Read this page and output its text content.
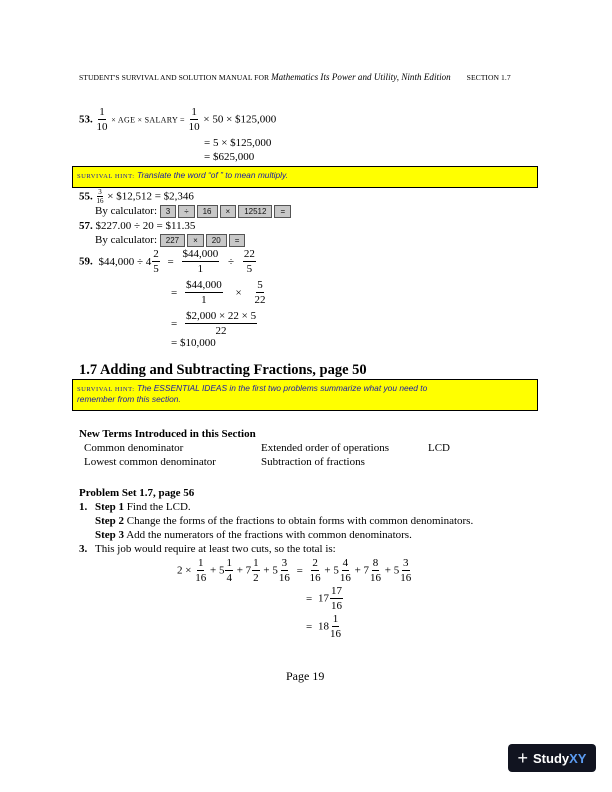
STUDENT'S SURVIVAL AND SOLUTION MANUAL FOR Mathematics Its Power and Utility, Ninth Edition SECTION 1.7
53. $\frac{1}{10}$ × AGE × SALARY = $\frac{1}{10} \times 50$ × $125,000
= 5 × $125,000
= $625,000
SURVIVAL HINT: Translate the word “of ” to mean multiply.
55. $\frac{3}{16}$ × $12,512 = $2,346
By calculator: 3 ÷ 16 × 12512 =
57. $227.00 ÷ 20 = $11.35
By calculator: 227 × 20 =
59. $44,000 ÷ $4 \frac{2}{5} = \frac{\$44,000}{1} \div \frac{22}{5}$
= $\frac{\$44,000}{1} \times \frac{5}{22}$
= $\frac{\$2,000 \times 22 \times 5}{22}$
= $10,000
1.7 Adding and Subtracting Fractions, page 50
SURVIVAL HINT: The ESSENTIAL IDEAS in the first two problems summarize what you need to
remember from this section.
New Terms Introduced in this Section
Common denominator
Lowest common denominator
Extended order of operations
Subtraction of fractions
LCD
Problem Set 1.7, page 56
1. Step 1 Find the LCD.
Step 2 Change the forms of the fractions to obtain forms with common denominators.
Step 3 Add the numerators of the fractions with common denominators.
3. This job would require at least two cuts, so the total is:
$2 \times \frac{1}{16} + 5 \frac{1}{4} + 7 \frac{1}{2} + 5 \frac{3}{16} = \frac{2}{16} + 5 \frac{4}{16} + 7 \frac{8}{16} + 5 \frac{3}{16}$
= $17 \frac{17}{16}$
= $18 \frac{1}{16}$
Page 19
+ StudyXY
